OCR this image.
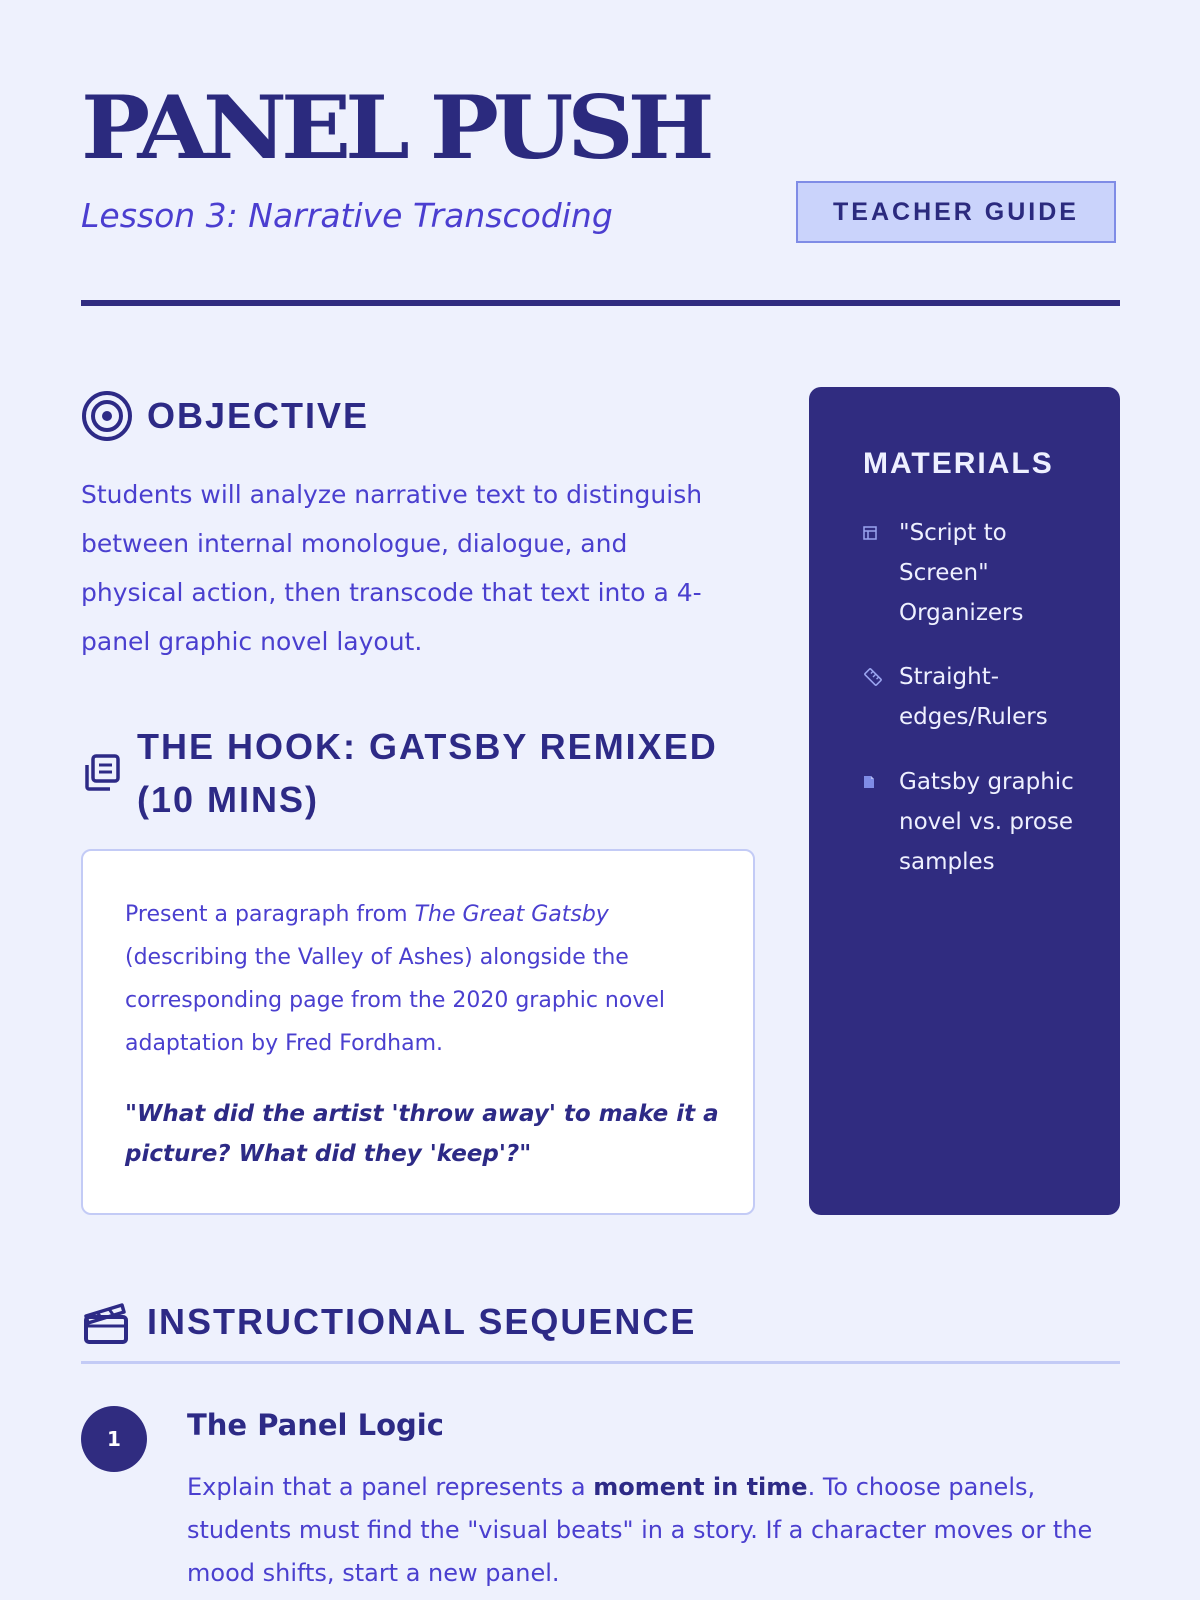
PANEL PUSH
Lesson 3: Narrative Transcoding	TEACHER GUIDE
OBJECTIVE
Students will analyze narrative text to distinguish between internal monologue, dialogue, and physical action, then transcode that text into a 4-panel graphic novel layout.
THE HOOK: GATSBY REMIXED (10 MINS)
Present a paragraph from The Great Gatsby (describing the Valley of Ashes) alongside the corresponding page from the 2020 graphic novel adaptation by Fred Fordham.
"What did the artist 'throw away' to make it a picture? What did they 'keep'?"
MATERIALS
"Script to Screen" Organizers
Straight-edges/Rulers
Gatsby graphic novel vs. prose samples
INSTRUCTIONAL SEQUENCE
1	The Panel Logic
Explain that a panel represents a moment in time. To choose panels, students must find the "visual beats" in a story. If a character moves or the mood shifts, start a new panel.
